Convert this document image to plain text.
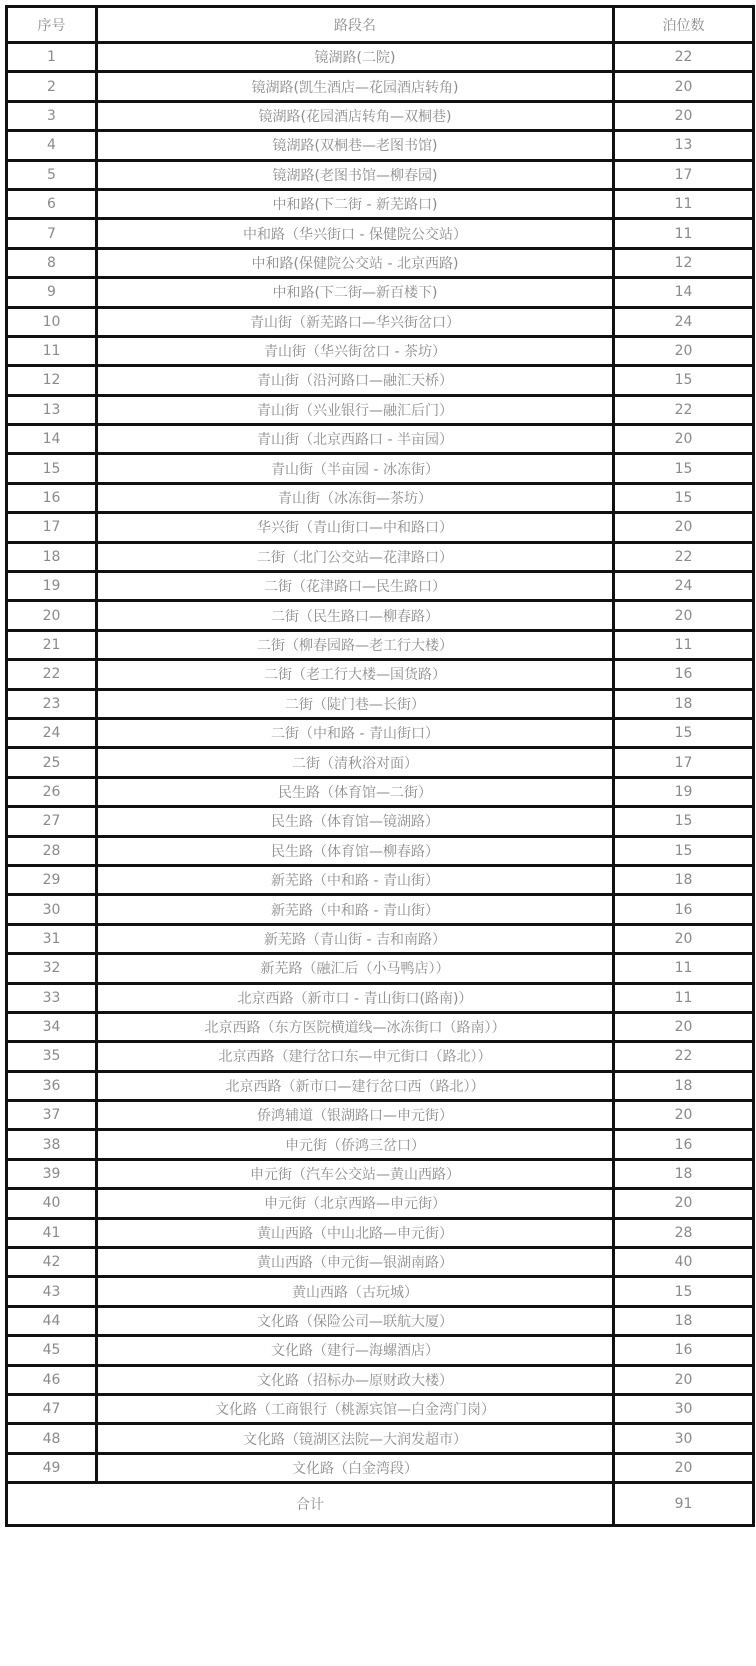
序号	路段名	泊位数
1	镜湖路(二院)	22
2	镜湖路(凯生酒店—花园酒店转角)	20
3	镜湖路(花园酒店转角—双桐巷)	20
4	镜湖路(双桐巷—老图书馆)	13
5	镜湖路(老图书馆—柳春园)	17
6	中和路(下二街 - 新芜路口)	11
7	中和路（华兴街口 - 保健院公交站）	11
8	中和路(保健院公交站 - 北京西路)	12
9	中和路(下二街—新百楼下)	14
10	青山街（新芜路口—华兴街岔口）	24
11	青山街（华兴街岔口 - 茶坊）	20
12	青山街（沿河路口—融汇天桥）	15
13	青山街（兴业银行—融汇后门）	22
14	青山街（北京西路口 - 半亩园）	20
15	青山街（半亩园 - 冰冻街）	15
16	青山街（冰冻街—茶坊）	15
17	华兴街（青山街口—中和路口）	20
18	二街（北门公交站—花津路口）	22
19	二街（花津路口—民生路口）	24
20	二街（民生路口—柳春路）	20
21	二街（柳春园路—老工行大楼）	11
22	二街（老工行大楼—国货路）	16
23	二街（陡门巷—长街）	18
24	二街（中和路 - 青山街口）	15
25	二街（清秋浴对面）	17
26	民生路（体育馆—二街）	19
27	民生路（体育馆—镜湖路）	15
28	民生路（体育馆—柳春路）	15
29	新芜路（中和路 - 青山街）	18
30	新芜路（中和路 - 青山街）	16
31	新芜路（青山街 - 吉和南路）	20
32	新芜路（融汇后（小马鸭店））	11
33	北京西路（新市口 - 青山街口(路南)）	11
34	北京西路（东方医院横道线—冰冻街口（路南））	20
35	北京西路（建行岔口东—申元街口（路北））	22
36	北京西路（新市口—建行岔口西（路北））	18
37	侨鸿辅道（银湖路口—申元街）	20
38	申元街（侨鸿三岔口）	16
39	申元街（汽车公交站—黄山西路）	18
40	申元街（北京西路—申元街）	20
41	黄山西路（中山北路—申元街）	28
42	黄山西路（申元街—银湖南路）	40
43	黄山西路（古玩城）	15
44	文化路（保险公司—联航大厦）	18
45	文化路（建行—海螺酒店）	16
46	文化路（招标办—原财政大楼）	20
47	文化路（工商银行（桃源宾馆—白金湾门岗）	30
48	文化路（镜湖区法院—大润发超市）	30
49	文化路（白金湾段）	20
合计		91
